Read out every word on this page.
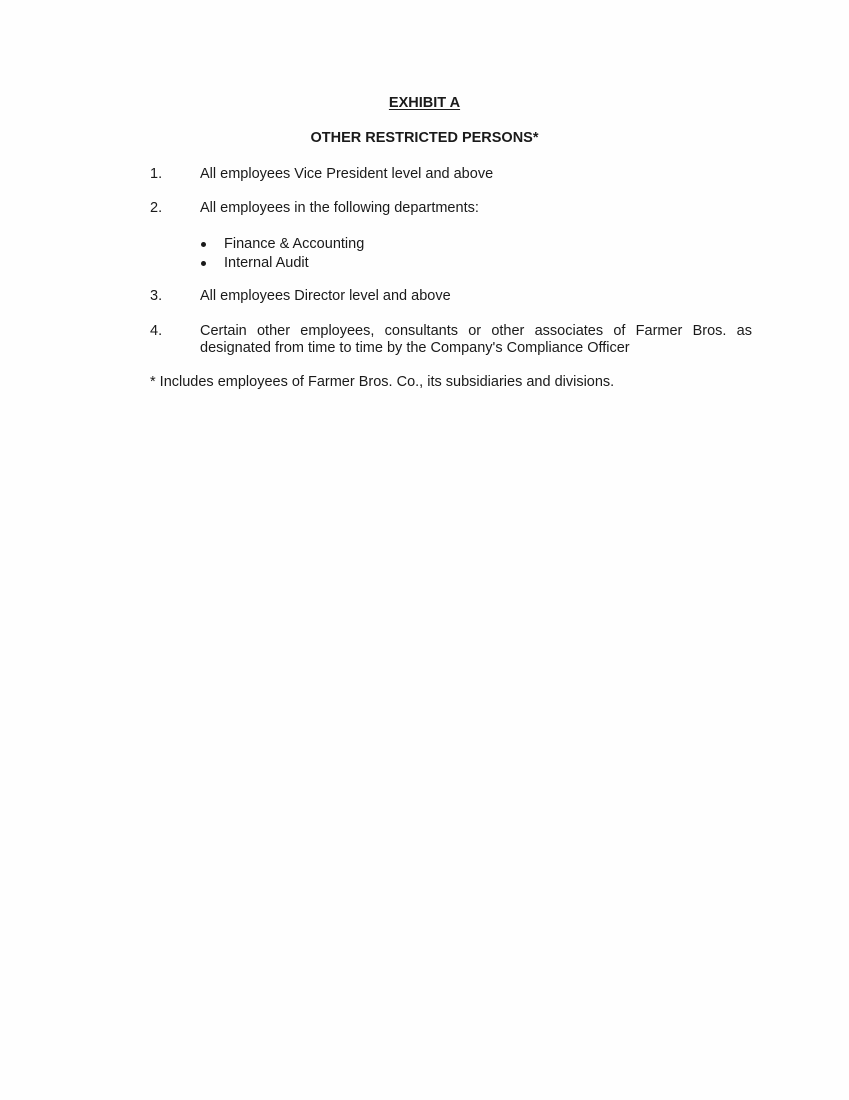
EXHIBIT A
OTHER RESTRICTED PERSONS*
1.	All employees Vice President level and above
2.	All employees in the following departments:
Finance & Accounting
Internal Audit
3.	All employees Director level and above
4.	Certain other employees, consultants or other associates of Farmer Bros. as designated from time to time by the Company's Compliance Officer
* Includes employees of Farmer Bros. Co., its subsidiaries and divisions.
